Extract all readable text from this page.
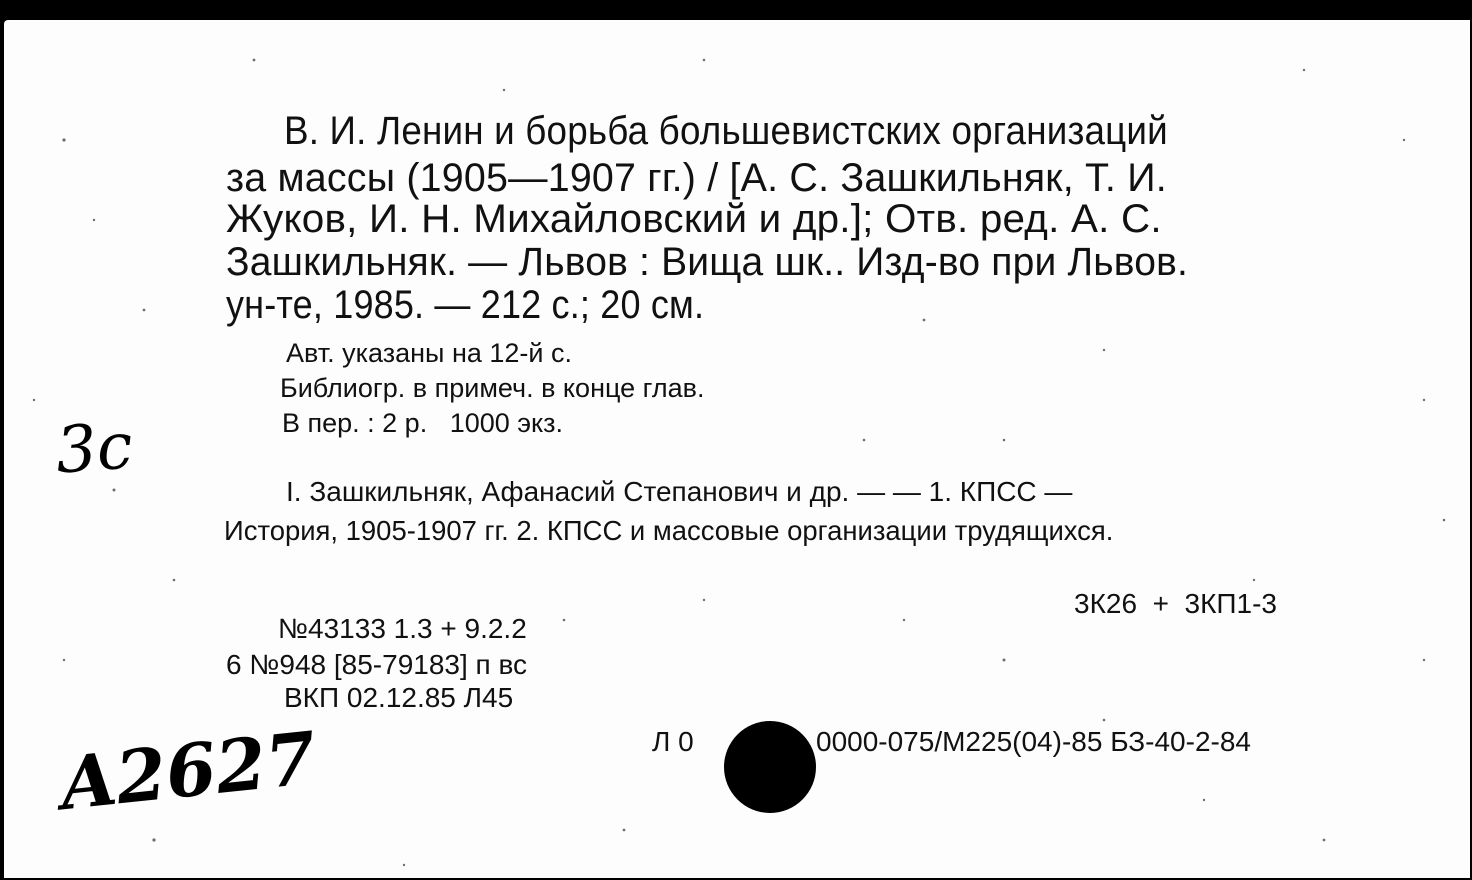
В. И. Ленин и борьба большевистских организаций
за массы (1905—1907 гг.) / [А. С. Зашкильняк, Т. И.
Жуков, И. Н. Михайловский и др.]; Отв. ред. А. С.
Зашкильняк. — Львов : Вища шк.. Изд-во при Львов.
ун-те, 1985. — 212 с.; 20 см.
Авт. указаны на 12-й с.
Библиогр. в примеч. в конце глав.
В пер. : 2 р.   1000 экз.
I. Зашкильняк, Афанасий Степанович и др. — — 1. КПСС —
История, 1905-1907 гг. 2. КПСС и массовые организации трудящихся.
3К26  +  3КП1-3
№43133 1.3 + 9.2.2
6 №948 [85-79183] п вс
ВКП 02.12.85 Л45
Л 0	0000-075/М225(04)-85 БЗ-40-2-84
3с
A2627
